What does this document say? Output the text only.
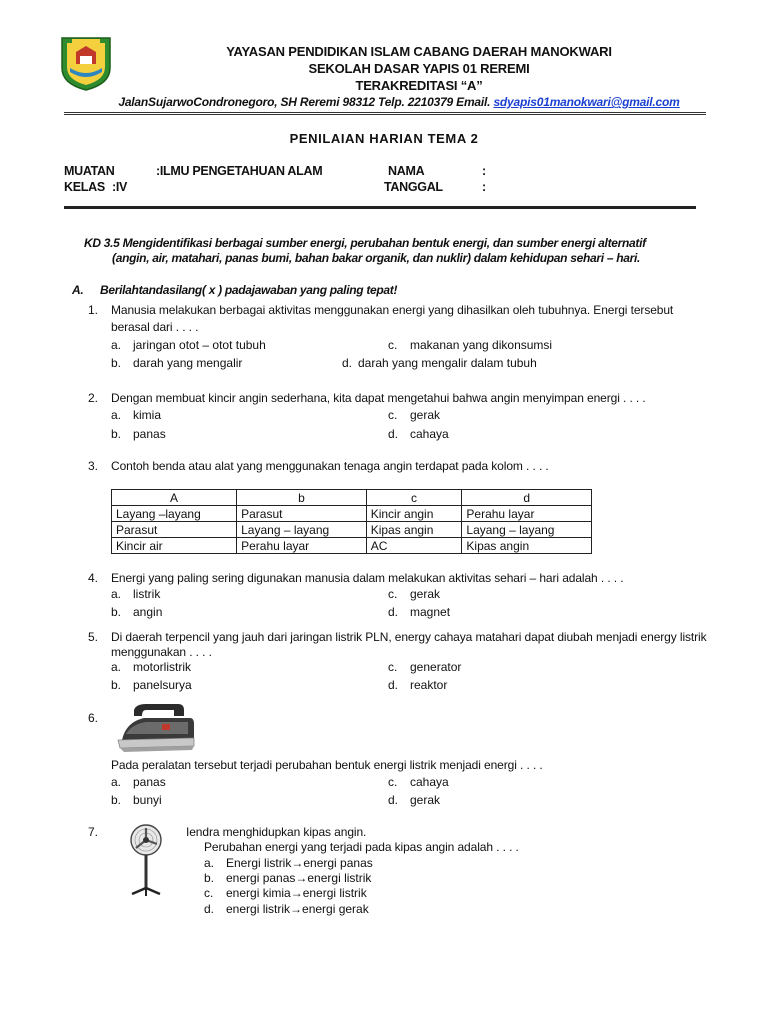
YAYASAN PENDIDIKAN ISLAM CABANG DAERAH MANOKWARI
SEKOLAH DASAR YAPIS 01 REREMI
TERAKREDITASI “A”
JalanSujarwoCondronegoro, SH Reremi 98312 Telp. 2210379 Email. sdyapis01manokwari@gmail.com
PENILAIAN HARIAN TEMA 2
MUATAN	:ILMU PENGETAHUAN ALAM
KELAS :IV
NAMA	:
TANGGAL	:
KD 3.5 Mengidentifikasi berbagai sumber energi, perubahan bentuk energi, dan sumber energi alternatif
(angin, air, matahari, panas bumi, bahan bakar organik, dan nuklir) dalam kehidupan sehari – hari.
A. Berilahtandasilang( x ) padajawaban yang paling tepat!
1. Manusia melakukan berbagai aktivitas menggunakan energi yang dihasilkan oleh tubuhnya. Energi tersebut
berasal dari . . . .
a. jaringan otot – otot tubuh	c. makanan yang dikonsumsi
b. darah yang mengalir	d. darah yang mengalir dalam tubuh
2. Dengan membuat kincir angin sederhana, kita dapat mengetahui bahwa angin menyimpan energi . . . .
a. kimia	c. gerak
b. panas	d. cahaya
3. Contoh benda atau alat yang menggunakan tenaga angin terdapat pada kolom . . . .
A	b	c	d
Layang –layang	Parasut	Kincir angin	Perahu layar
Parasut	Layang – layang	Kipas angin	Layang – layang
Kincir air	Perahu layar	AC	Kipas angin
4. Energi yang paling sering digunakan manusia dalam melakukan aktivitas sehari – hari adalah . . . .
a. listrik	c. gerak
b. angin	d. magnet
5. Di daerah terpencil yang jauh dari jaringan listrik PLN, energy cahaya matahari dapat diubah menjadi energy listrik
menggunakan . . . .
a. motorlistrik	c. generator
b. panelsurya	d. reaktor
6.
Pada peralatan tersebut terjadi perubahan bentuk energi listrik menjadi energi . . . .
a. panas	c. cahaya
b. bunyi	d. gerak
7.	Iendra menghidupkan kipas angin.
Perubahan energi yang terjadi pada kipas angin adalah . . . .
a. Energi listrik→energi panas
b. energi panas→energi listrik
c. energi kimia→energi listrik
d. energi listrik→energi gerak
